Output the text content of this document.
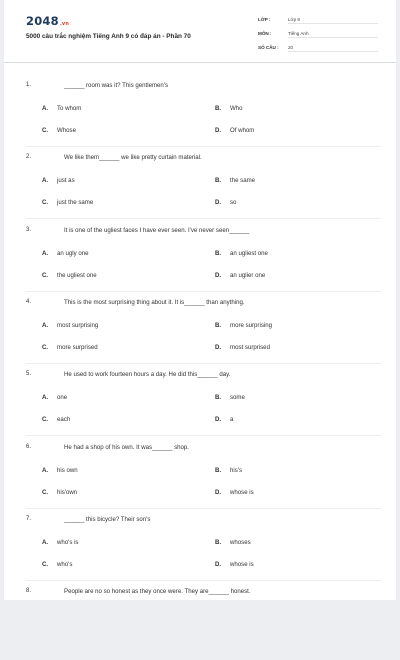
2048.vn
5000 câu trắc nghiệm Tiếng Anh 9 có đáp án - Phần 70
LỚP :	Lớp 9
MÔN :	Tiếng Anh
SỐ CÂU :	20
1.	______ room was it? This gentlemen's
A. To whom	B. Who
C. Whose	D. Of whom
2.	We like them______ we like pretty curtain material.
A. just as	B. the same
C. just the same	D. so
3.	It is one of the ugliest faces I have ever seen. I've never seen______
A. an ugly one	B. an ugliest one
C. the ugliest one	D. an uglier one
4.	This is the most surprising thing about it. It is______ than anything.
A. most surprising	B. more surprising
C. more surprised	D. most surprised
5.	He used to work fourteen hours a day. He did this______ day.
A. one	B. some
C. each	D. a
6.	He had a shop of his own. It was______ shop.
A. his own	B. his's
C. his'own	D. whose is
7.	______ this bicycle? Their son's
A. who's is	B. whoses
C. who's	D. whose is
8.	People are no so honest as they once were. They are______ honest.
